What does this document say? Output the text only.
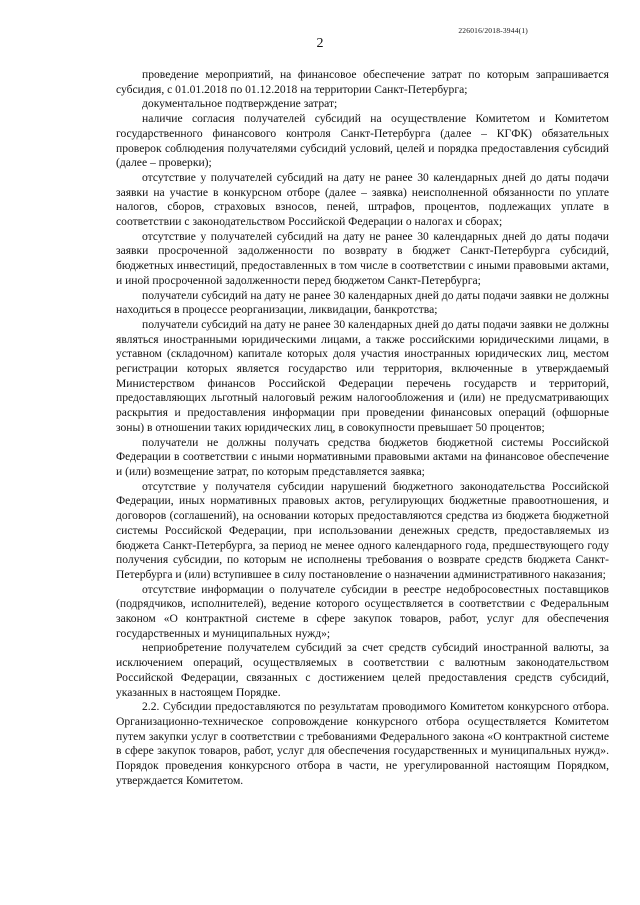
226016/2018-3944(1)
2

проведение мероприятий, на финансовое обеспечение затрат по которым запрашивается субсидия, с 01.01.2018 по 01.12.2018 на территории Санкт-Петербурга;

документальное подтверждение затрат;

наличие согласия получателей субсидий на осуществление Комитетом и Комитетом государственного финансового контроля Санкт-Петербурга (далее – КГФК) обязательных проверок соблюдения получателями субсидий условий, целей и порядка предоставления субсидий (далее – проверки);

отсутствие у получателей субсидий на дату не ранее 30 календарных дней до даты подачи заявки на участие в конкурсном отборе (далее – заявка) неисполненной обязанности по уплате налогов, сборов, страховых взносов, пеней, штрафов, процентов, подлежащих уплате в соответствии с законодательством Российской Федерации о налогах и сборах;

отсутствие у получателей субсидий на дату не ранее 30 календарных дней до даты подачи заявки просроченной задолженности по возврату в бюджет Санкт-Петербурга субсидий, бюджетных инвестиций, предоставленных в том числе в соответствии с иными правовыми актами, и иной просроченной задолженности перед бюджетом Санкт-Петербурга;

получатели субсидий на дату не ранее 30 календарных дней до даты подачи заявки не должны находиться в процессе реорганизации, ликвидации, банкротства;

получатели субсидий на дату не ранее 30 календарных дней до даты подачи заявки не должны являться иностранными юридическими лицами, а также российскими юридическими лицами, в уставном (складочном) капитале которых доля участия иностранных юридических лиц, местом регистрации которых является государство или территория, включенные в утверждаемый Министерством финансов Российской Федерации перечень государств и территорий, предоставляющих льготный налоговый режим налогообложения и (или) не предусматривающих раскрытия и предоставления информации при проведении финансовых операций (офшорные зоны) в отношении таких юридических лиц, в совокупности превышает 50 процентов;

получатели не должны получать средства бюджетов бюджетной системы Российской Федерации в соответствии с иными нормативными правовыми актами на финансовое обеспечение и (или) возмещение затрат, по которым представляется заявка;

отсутствие у получателя субсидии нарушений бюджетного законодательства Российской Федерации, иных нормативных правовых актов, регулирующих бюджетные правоотношения, и договоров (соглашений), на основании которых предоставляются средства из бюджета бюджетной системы Российской Федерации, при использовании денежных средств, предоставляемых из бюджета Санкт-Петербурга, за период не менее одного календарного года, предшествующего году получения субсидии, по которым не исполнены требования о возврате средств бюджета Санкт-Петербурга и (или) вступившее в силу постановление о назначении административного наказания;

отсутствие информации о получателе субсидии в реестре недобросовестных поставщиков (подрядчиков, исполнителей), ведение которого осуществляется в соответствии с Федеральным законом «О контрактной системе в сфере закупок товаров, работ, услуг для обеспечения государственных и муниципальных нужд»;

неприобретение получателем субсидий за счет средств субсидий иностранной валюты, за исключением операций, осуществляемых в соответствии с валютным законодательством Российской Федерации, связанных с достижением целей предоставления средств субсидий, указанных в настоящем Порядке.

2.2. Субсидии предоставляются по результатам проводимого Комитетом конкурсного отбора. Организационно-техническое сопровождение конкурсного отбора осуществляется Комитетом путем закупки услуг в соответствии с требованиями Федерального закона «О контрактной системе в сфере закупок товаров, работ, услуг для обеспечения государственных и муниципальных нужд». Порядок проведения конкурсного отбора в части, не урегулированной настоящим Порядком, утверждается Комитетом.
